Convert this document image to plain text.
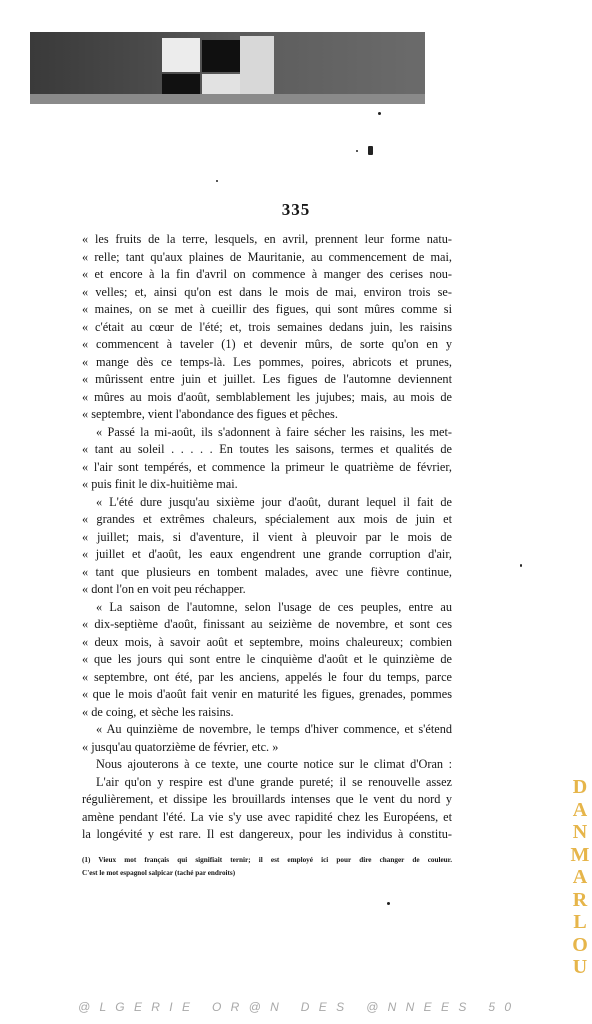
335
« les fruits de la terre, lesquels, en avril, prennent leur forme natu-
« relle; tant qu'aux plaines de Mauritanie, au commencement de mai,
« et encore à la fin d'avril on commence à manger des cerises nou-
« velles; et, ainsi qu'on est dans le mois de mai, environ trois se-
« maines, on se met à cueillir des figues, qui sont mûres comme si
« c'était au cœur de l'été; et, trois semaines dedans juin, les raisins
« commencent à taveler (1) et devenir mûrs, de sorte qu'on en y
« mange dès ce temps-là. Les pommes, poires, abricots et prunes,
« mûrissent entre juin et juillet. Les figues de l'automne deviennent
« mûres au mois d'août, semblablement les jujubes; mais, au mois de
« septembre, vient l'abondance des figues et pêches.
« Passé la mi-août, ils s'adonnent à faire sécher les raisins, les met-
« tant au soleil . . . . . En toutes les saisons, termes et qualités de
« l'air sont tempérés, et commence la primeur le quatrième de février,
« puis finit le dix-huitième mai.
« L'été dure jusqu'au sixième jour d'août, durant lequel il fait de
« grandes et extrêmes chaleurs, spécialement aux mois de juin et
« juillet; mais, si d'aventure, il vient à pleuvoir par le mois de
« juillet et d'août, les eaux engendrent une grande corruption d'air,
« tant que plusieurs en tombent malades, avec une fièvre continue,
« dont l'on en voit peu réchapper.
« La saison de l'automne, selon l'usage de ces peuples, entre au
« dix-septième d'août, finissant au seizième de novembre, et sont ces
« deux mois, à savoir août et septembre, moins chaleureux; combien
« que les jours qui sont entre le cinquième d'août et le quinzième de
« septembre, ont été, par les anciens, appelés le four du temps, parce
« que le mois d'août fait venir en maturité les figues, grenades, pommes
« de coing, et sèche les raisins.
« Au quinzième de novembre, le temps d'hiver commence, et s'étend
« jusqu'au quatorzième de février, etc. »
Nous ajouterons à ce texte, une courte notice sur le climat d'Oran :
L'air qu'on y respire est d'une grande pureté; il se renouvelle assez
régulièrement, et dissipe les brouillards intenses que le vent du nord y
amène pendant l'été. La vie s'y use avec rapidité chez les Européens, et
la longévité y est rare. Il est dangereux, pour les individus à constitu-
(1) Vieux mot français qui signifiait ternir; il est employé ici pour dire changer de couleur.
C'est le mot espagnol salpicar (taché par endroits)
D
A
N
M
A
R
L
O
U
@ L G E R I E   O R @ N   D E S   @ N N E E S   5 0
